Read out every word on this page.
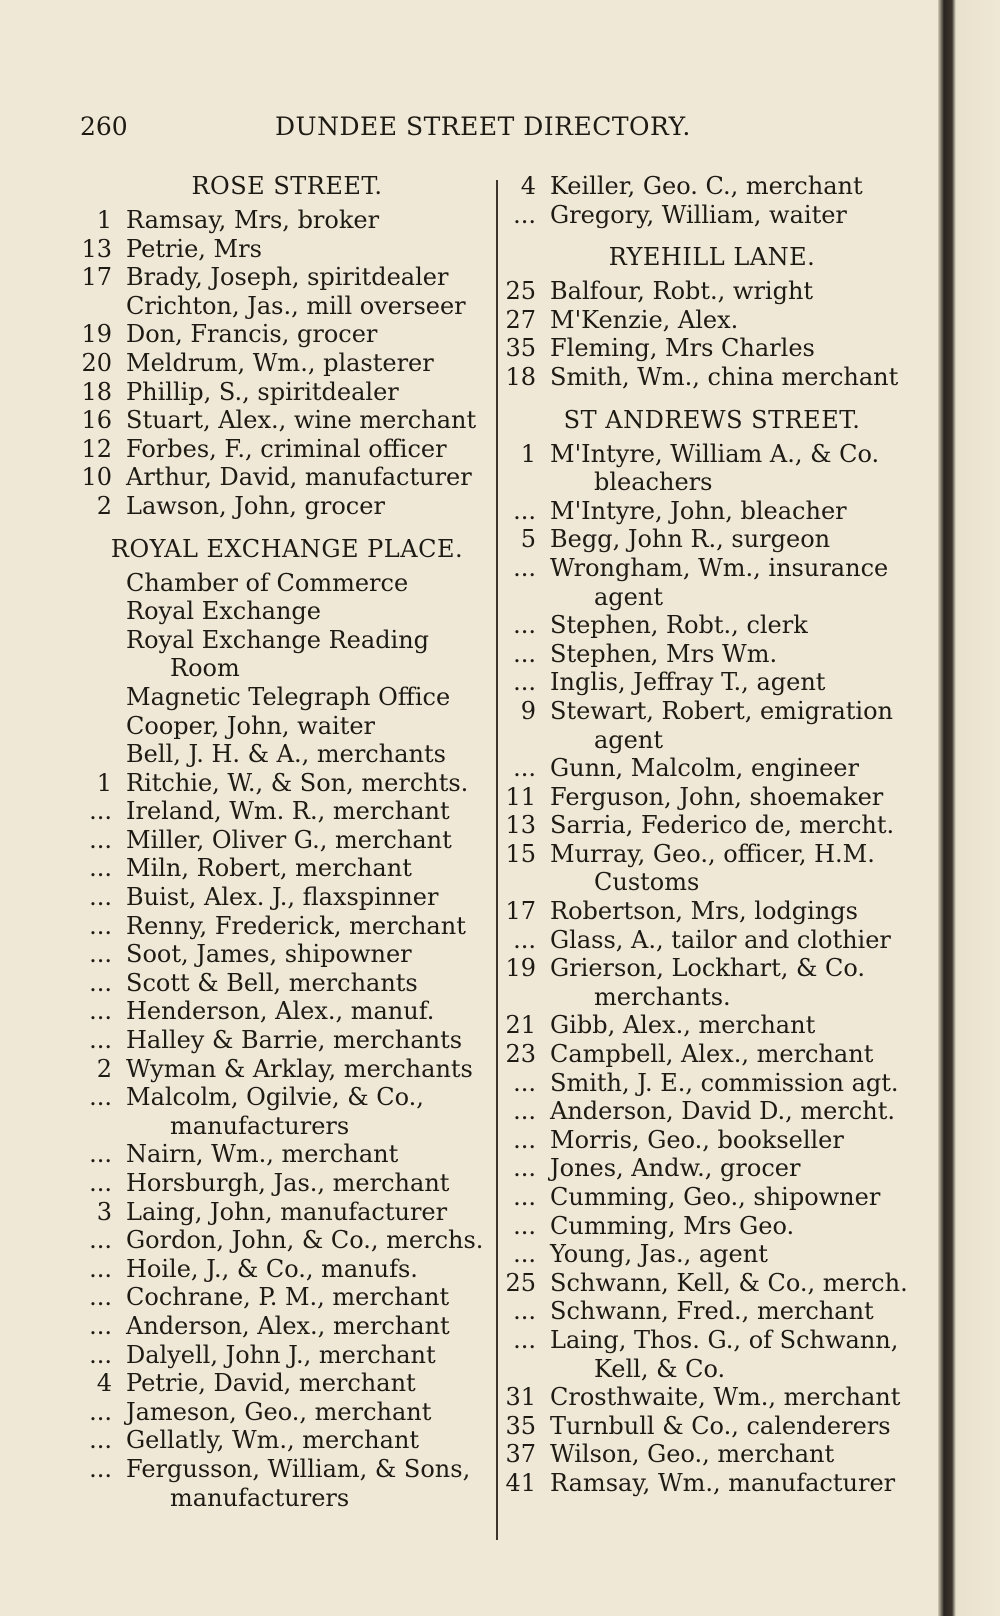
260	DUNDEE STREET DIRECTORY.
ROSE STREET.
1 Ramsay, Mrs, broker
13 Petrie, Mrs
17 Brady, Joseph, spiritdealer
Crichton, Jas., mill overseer
19 Don, Francis, grocer
20 Meldrum, Wm., plasterer
18 Phillip, S., spiritdealer
16 Stuart, Alex., wine merchant
12 Forbes, F., criminal officer
10 Arthur, David, manufacturer
2 Lawson, John, grocer
ROYAL EXCHANGE PLACE.
Chamber of Commerce
Royal Exchange
Royal Exchange Reading
Room
Magnetic Telegraph Office
Cooper, John, waiter
Bell, J. H. & A., merchants
1 Ritchie, W., & Son, merchts.
... Ireland, Wm. R., merchant
... Miller, Oliver G., merchant
... Miln, Robert, merchant
... Buist, Alex. J., flaxspinner
... Renny, Frederick, merchant
... Soot, James, shipowner
... Scott & Bell, merchants
... Henderson, Alex., manuf.
... Halley & Barrie, merchants
2 Wyman & Arklay, merchants
... Malcolm, Ogilvie, & Co.,
manufacturers
... Nairn, Wm., merchant
... Horsburgh, Jas., merchant
3 Laing, John, manufacturer
... Gordon, John, & Co., merchs.
... Hoile, J., & Co., manufs.
... Cochrane, P. M., merchant
... Anderson, Alex., merchant
... Dalyell, John J., merchant
4 Petrie, David, merchant
... Jameson, Geo., merchant
... Gellatly, Wm., merchant
... Fergusson, William, & Sons,
manufacturers
4 Keiller, Geo. C., merchant
... Gregory, William, waiter
RYEHILL LANE.
25 Balfour, Robt., wright
27 M'Kenzie, Alex.
35 Fleming, Mrs Charles
18 Smith, Wm., china merchant
ST ANDREWS STREET.
1 M'Intyre, William A., & Co.
bleachers
... M'Intyre, John, bleacher
5 Begg, John R., surgeon
... Wrongham, Wm., insurance
agent
... Stephen, Robt., clerk
... Stephen, Mrs Wm.
... Inglis, Jeffray T., agent
9 Stewart, Robert, emigration
agent
... Gunn, Malcolm, engineer
11 Ferguson, John, shoemaker
13 Sarria, Federico de, mercht.
15 Murray, Geo., officer, H.M.
Customs
17 Robertson, Mrs, lodgings
... Glass, A., tailor and clothier
19 Grierson, Lockhart, & Co.
merchants.
21 Gibb, Alex., merchant
23 Campbell, Alex., merchant
... Smith, J. E., commission agt.
... Anderson, David D., mercht.
... Morris, Geo., bookseller
... Jones, Andw., grocer
... Cumming, Geo., shipowner
... Cumming, Mrs Geo.
... Young, Jas., agent
25 Schwann, Kell, & Co., merch.
... Schwann, Fred., merchant
... Laing, Thos. G., of Schwann,
Kell, & Co.
31 Crosthwaite, Wm., merchant
35 Turnbull & Co., calenderers
37 Wilson, Geo., merchant
41 Ramsay, Wm., manufacturer
